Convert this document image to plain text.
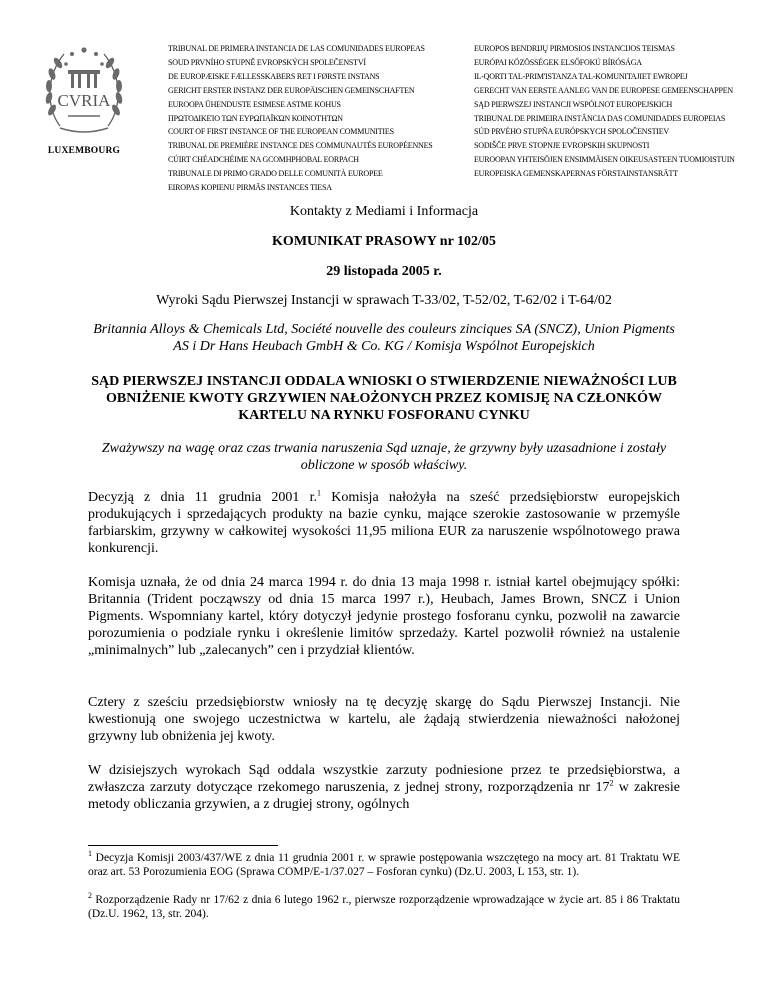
CVRIA
LUXEMBOURG
TRIBUNAL DE PRIMERA INSTANCIA DE LAS COMUNIDADES EUROPEAS
SOUD PRVNÍHO STUPNĚ EVROPSKÝCH SPOLEČENSTVÍ
DE EUROPÆISKE FÆLLESSKABERS RET I FØRSTE INSTANS
GERICHT ERSTER INSTANZ DER EUROPÄISCHEN GEMEINSCHAFTEN
EUROOPA ÜHENDUSTE ESIMESE ASTME KOHUS
ΠΡΩΤΟΔΙΚΕΊΟ ΤΩΝ ΕΥΡΩΠΑΪΚΏΝ ΚΟΙΝΟΤΉΤΩΝ
COURT OF FIRST INSTANCE OF THE EUROPEAN COMMUNITIES
TRIBUNAL DE PREMIÈRE INSTANCE DES COMMUNAUTÉS EUROPÉENNES
CÚIRT CHÉADCHÉIME NA GCOMHPHOBAL EORPACH
TRIBUNALE DI PRIMO GRADO DELLE COMUNITÀ EUROPEE
EIROPAS KOPIENU PIRMĀS INSTANCES TIESA
EUROPOS BENDRIJŲ PIRMOSIOS INSTANCIJOS TEISMAS
EURÓPAI KÖZÖSSÉGEK ELSŐFOKÚ BÍRÓSÁGA
IL-QORTI TAL-PRIM'ISTANZA TAL-KOMUNITAJIET EWROPEJ
GERECHT VAN EERSTE AANLEG VAN DE EUROPESE GEMEENSCHAPPEN
SĄD PIERWSZEJ INSTANCJI WSPÓLNOT EUROPEJSKICH
TRIBUNAL DE PRIMEIRA INSTÂNCIA DAS COMUNIDADES EUROPEIAS
SÚD PRVÉHO STUPŇA EURÓPSKYCH SPOLOČENSTIEV
SODIŠČE PRVE STOPNJE EVROPSKIH SKUPNOSTI
EUROOPAN YHTEISÖJEN ENSIMMÄISEN OIKEUSASTEEN TUOMIOISTUIN
EUROPEISKA GEMENSKAPERNAS FÖRSTAINSTANSRÄTT
Kontakty z Mediami i Informacja
KOMUNIKAT PRASOWY nr 102/05
29 listopada 2005 r.
Wyroki Sądu Pierwszej Instancji w sprawach T-33/02, T-52/02, T-62/02 i T-64/02
Britannia Alloys & Chemicals Ltd, Société nouvelle des couleurs zinciques SA (SNCZ), Union Pigments AS i Dr Hans Heubach GmbH & Co. KG / Komisja Wspólnot Europejskich
SĄD PIERWSZEJ INSTANCJI ODDALA WNIOSKI O STWIERDZENIE NIEWAŻNOŚCI LUB OBNIŻENIE KWOTY GRZYWIEN NAŁOŻONYCH PRZEZ KOMISJĘ NA CZŁONKÓW KARTELU NA RYNKU FOSFORANU CYNKU
Zważywszy na wagę oraz czas trwania naruszenia Sąd uznaje, że grzywny były uzasadnione i zostały obliczone w sposób właściwy.
Decyzją z dnia 11 grudnia 2001 r.$^1$ Komisja nałożyła na sześć przedsiębiorstw europejskich produkujących i sprzedających produkty na bazie cynku, mające szerokie zastosowanie w przemyśle farbiarskim, grzywny w całkowitej wysokości 11,95 miliona EUR za naruszenie wspólnotowego prawa konkurencji.
Komisja uznała, że od dnia 24 marca 1994 r. do dnia 13 maja 1998 r. istniał kartel obejmujący spółki: Britannia (Trident począwszy od dnia 15 marca 1997 r.), Heubach, James Brown, SNCZ i Union Pigments. Wspomniany kartel, który dotyczył jedynie prostego fosforanu cynku, pozwolił na zawarcie porozumienia o podziale rynku i określenie limitów sprzedaży. Kartel pozwolił również na ustalenie „minimalnych” lub „zalecanych” cen i przydział klientów.
Cztery z sześciu przedsiębiorstw wniosły na tę decyzję skargę do Sądu Pierwszej Instancji. Nie kwestionują one swojego uczestnictwa w kartelu, ale żądają stwierdzenia nieważności nałożonej grzywny lub obniżenia jej kwoty.
W dzisiejszych wyrokach Sąd oddala wszystkie zarzuty podniesione przez te przedsiębiorstwa, a zwłaszcza zarzuty dotyczące rzekomego naruszenia, z jednej strony, rozporządzenia nr $17^2$ w zakresie metody obliczania grzywien, a z drugiej strony, ogólnych
$^1$ Decyzja Komisji 2003/437/WE z dnia 11 grudnia 2001 r. w sprawie postępowania wszczętego na mocy art. 81 Traktatu WE oraz art. 53 Porozumienia EOG (Sprawa COMP/E-1/37.027 – Fosforan cynku) (Dz.U. 2003, L 153, str. 1).
$^2$ Rozporządzenie Rady nr 17/62 z dnia 6 lutego 1962 r., pierwsze rozporządzenie wprowadzające w życie art. 85 i 86 Traktatu (Dz.U. 1962, 13, str. 204).
